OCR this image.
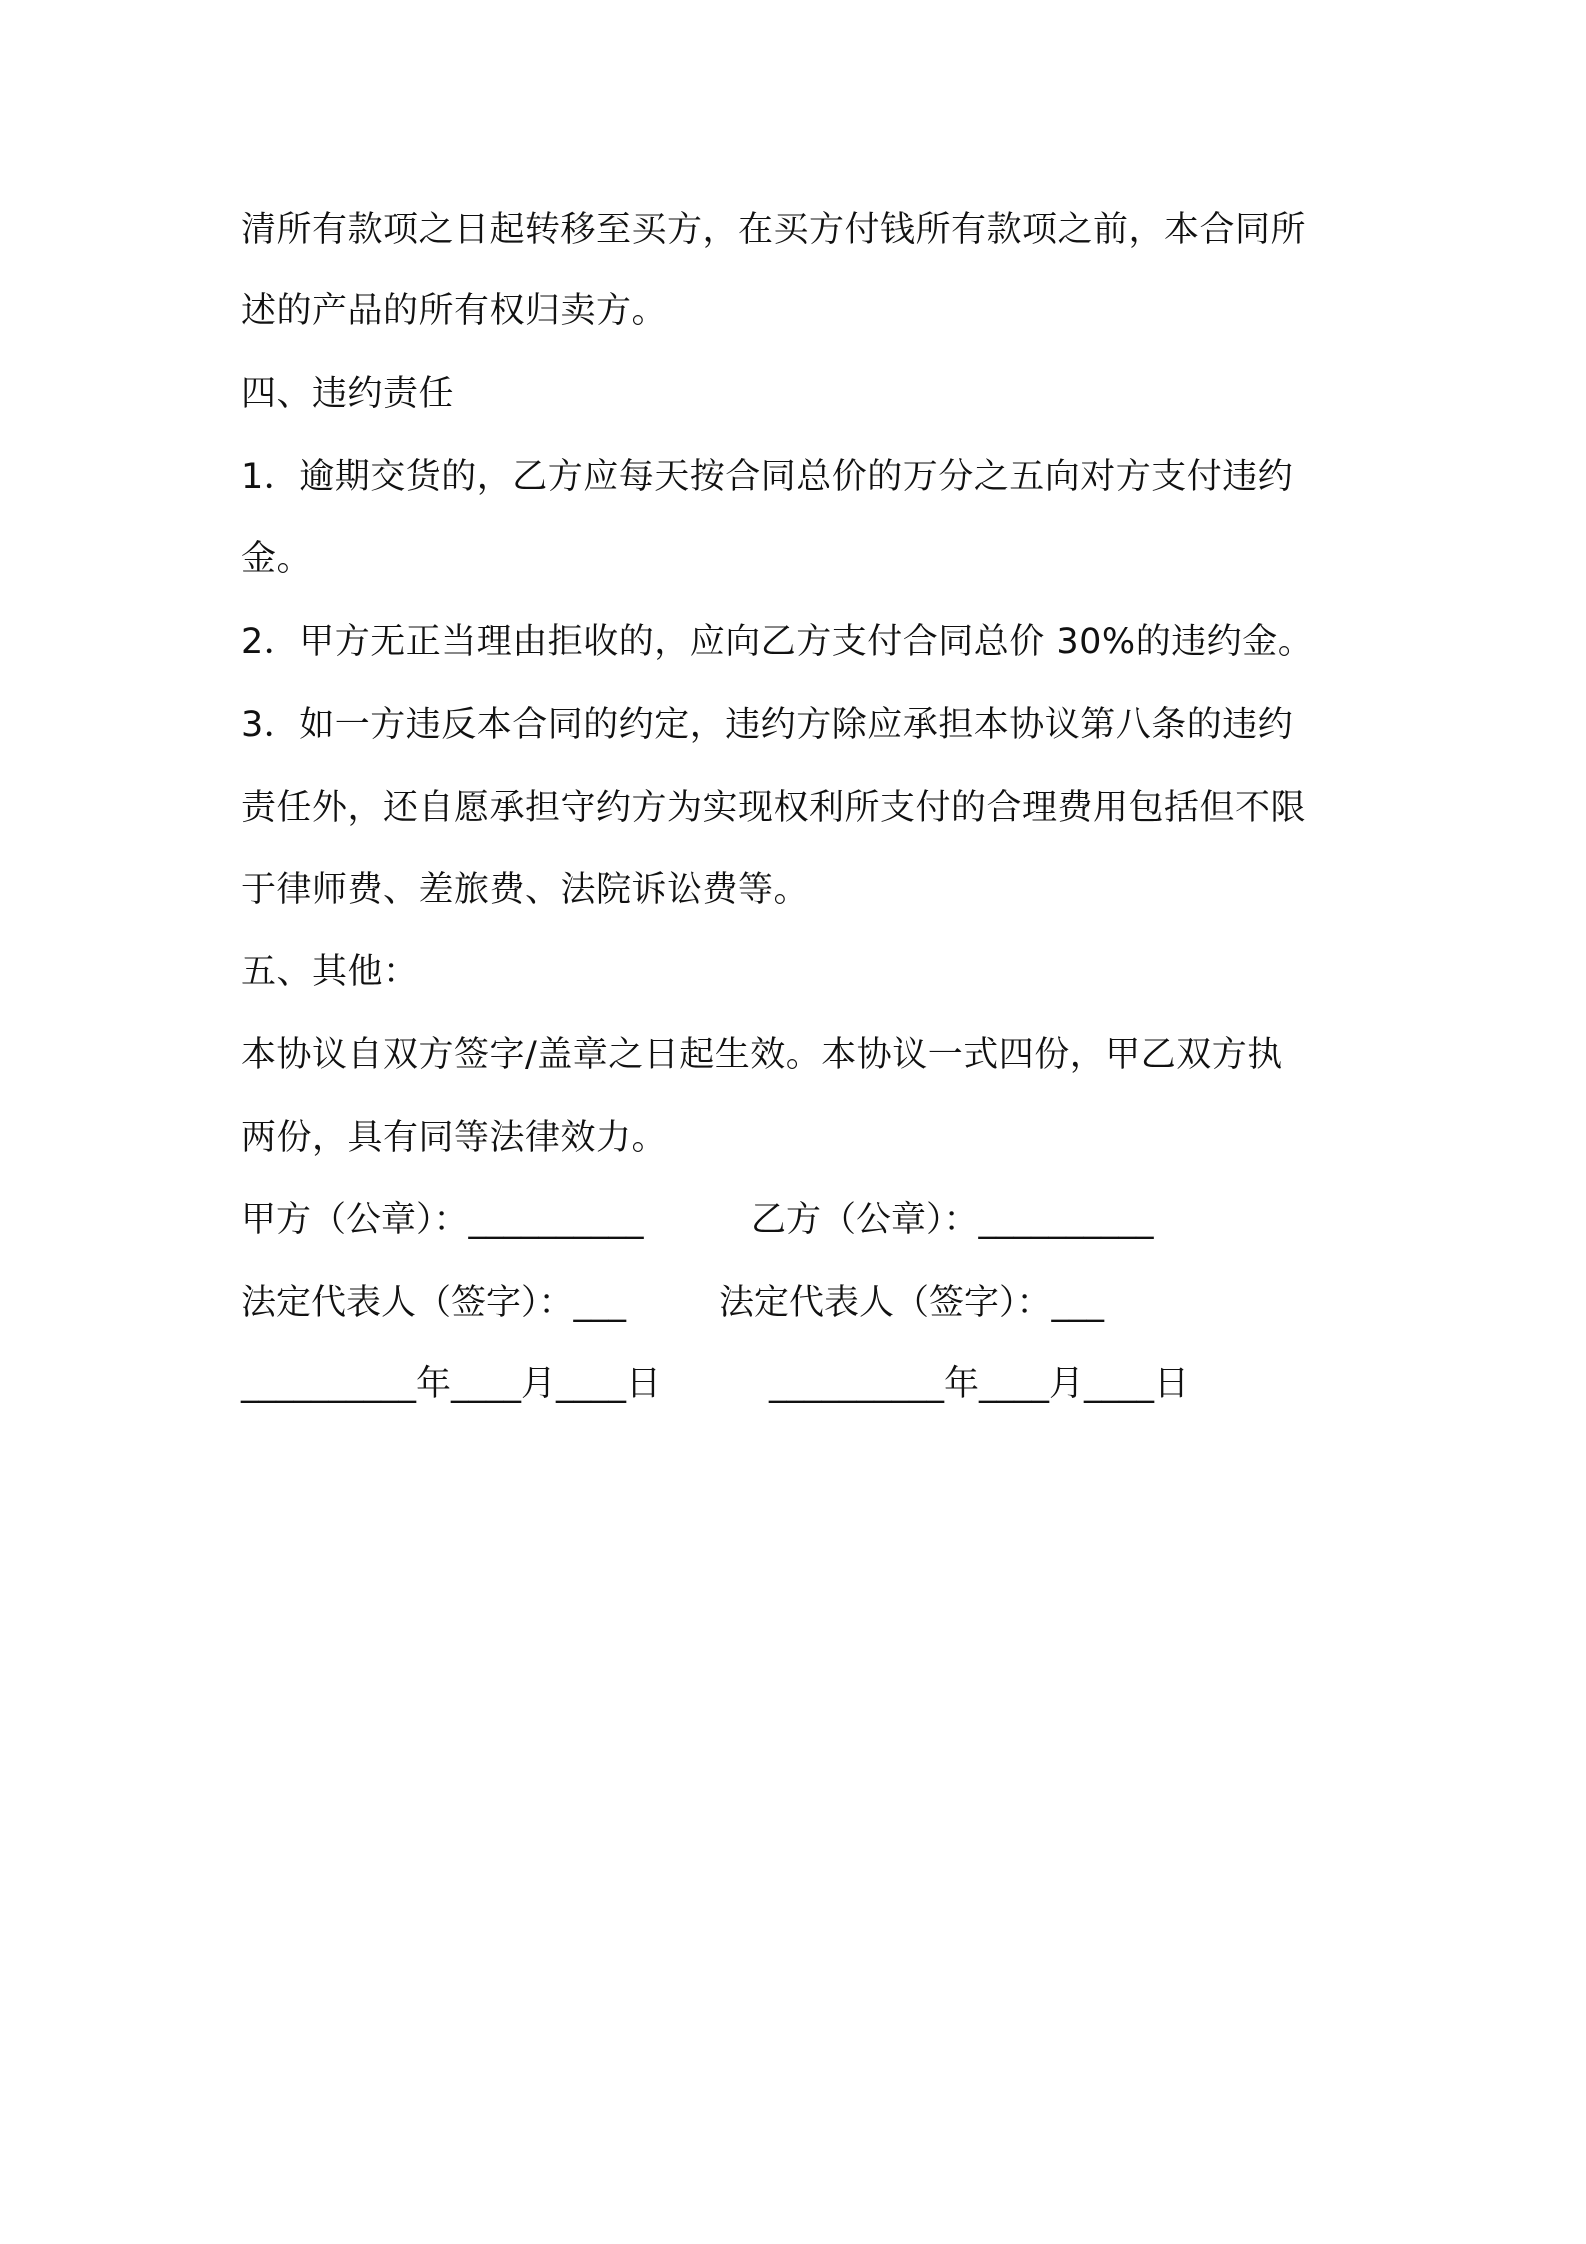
清所有款项之日起转移至买方，在买方付钱所有款项之前，本合同所
述的产品的所有权归卖方。
四、违约责任
1．逾期交货的，乙方应每天按合同总价的万分之五向对方支付违约
金。
2．甲方无正当理由拒收的，应向乙方支付合同总价 30%的违约金。
3．如一方违反本合同的约定，违约方除应承担本协议第八条的违约
责任外，还自愿承担守约方为实现权利所支付的合理费用包括但不限
于律师费、差旅费、法院诉讼费等。
五、其他：
本协议自双方签字/盖章之日起生效。本协议一式四份，甲乙双方执
两份，具有同等法律效力。
甲方（公章）：__________	乙方（公章）：__________
法定代表人（签字）：___	法定代表人（签字）：___
__________年____月____日	__________年____月____日
